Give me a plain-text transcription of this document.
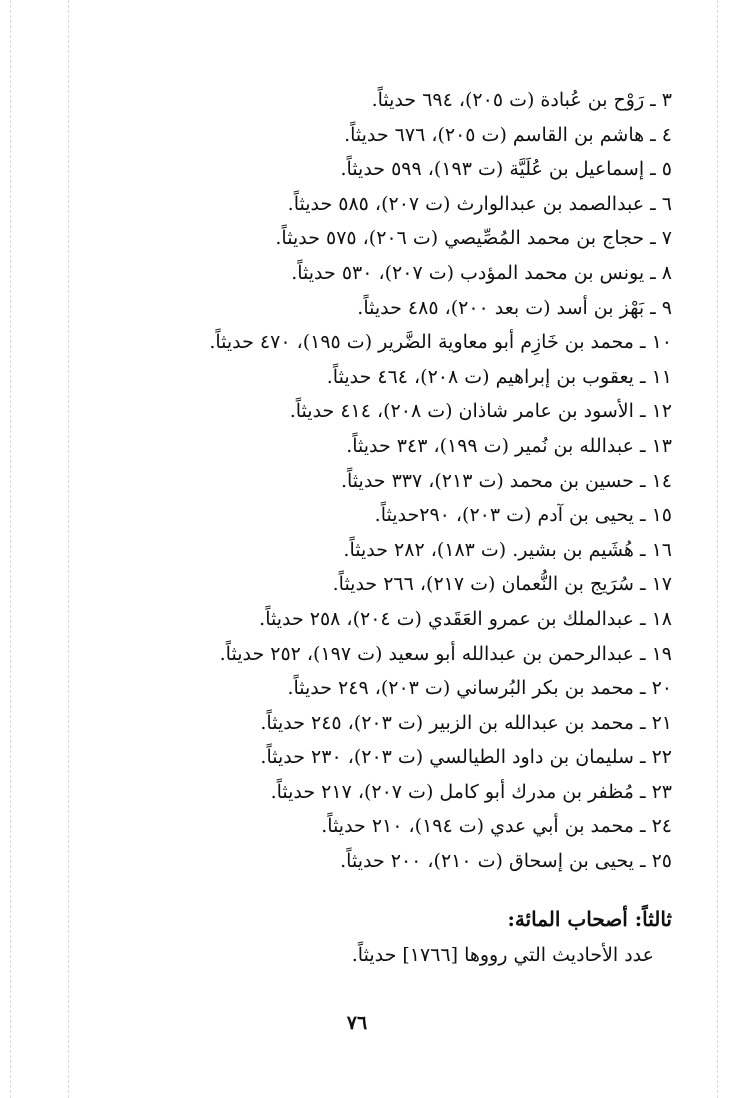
٣ ـ رَوْح بن عُبادة (ت ٢٠٥)، ٦٩٤ حديثاً.
٤ ـ هاشم بن القاسم (ت ٢٠٥)، ٦٧٦ حديثاً.
٥ ـ إسماعيل بن عُلَيَّة (ت ١٩٣)، ٥٩٩ حديثاً.
٦ ـ عبدالصمد بن عبدالوارث (ت ٢٠٧)، ٥٨٥ حديثاً.
٧ ـ حجاج بن محمد المُصِّيصي (ت ٢٠٦)، ٥٧٥ حديثاً.
٨ ـ يونس بن محمد المؤدب (ت ٢٠٧)، ٥٣٠ حديثاً.
٩ ـ بَهْز بن أسد (ت بعد ٢٠٠)، ٤٨٥ حديثاً.
١٠ ـ محمد بن خَازِم أبو معاوية الضَّرير (ت ١٩٥)، ٤٧٠ حديثاً.
١١ ـ يعقوب بن إبراهيم (ت ٢٠٨)، ٤٦٤ حديثاً.
١٢ ـ الأسود بن عامر شاذان (ت ٢٠٨)، ٤١٤ حديثاً.
١٣ ـ عبدالله بن نُمير (ت ١٩٩)، ٣٤٣ حديثاً.
١٤ ـ حسين بن محمد (ت ٢١٣)، ٣٣٧ حديثاً.
١٥ ـ يحيى بن آدم (ت ٢٠٣)، ٢٩٠حديثاً.
١٦ ـ هُشَيم بن بشير. (ت ١٨٣)، ٢٨٢ حديثاً.
١٧ ـ سُرَيج بن النُّعمان (ت ٢١٧)، ٢٦٦ حديثاً.
١٨ ـ عبدالملك بن عمرو العَقَدي (ت ٢٠٤)، ٢٥٨ حديثاً.
١٩ ـ عبدالرحمن بن عبدالله أبو سعيد (ت ١٩٧)، ٢٥٢ حديثاً.
٢٠ ـ محمد بن بكر البُرساني (ت ٢٠٣)، ٢٤٩ حديثاً.
٢١ ـ محمد بن عبدالله بن الزبير (ت ٢٠٣)، ٢٤٥ حديثاً.
٢٢ ـ سليمان بن داود الطيالسي (ت ٢٠٣)، ٢٣٠ حديثاً.
٢٣ ـ مُظفر بن مدرك أبو كامل (ت ٢٠٧)، ٢١٧ حديثاً.
٢٤ ـ محمد بن أبي عدي (ت ١٩٤)، ٢١٠ حديثاً.
٢٥ ـ يحيى بن إسحاق (ت ٢١٠)، ٢٠٠ حديثاً.
ثالثاً: أصحاب المائة:
عدد الأحاديث التي رووها [١٧٦٦] حديثاً.
٧٦
